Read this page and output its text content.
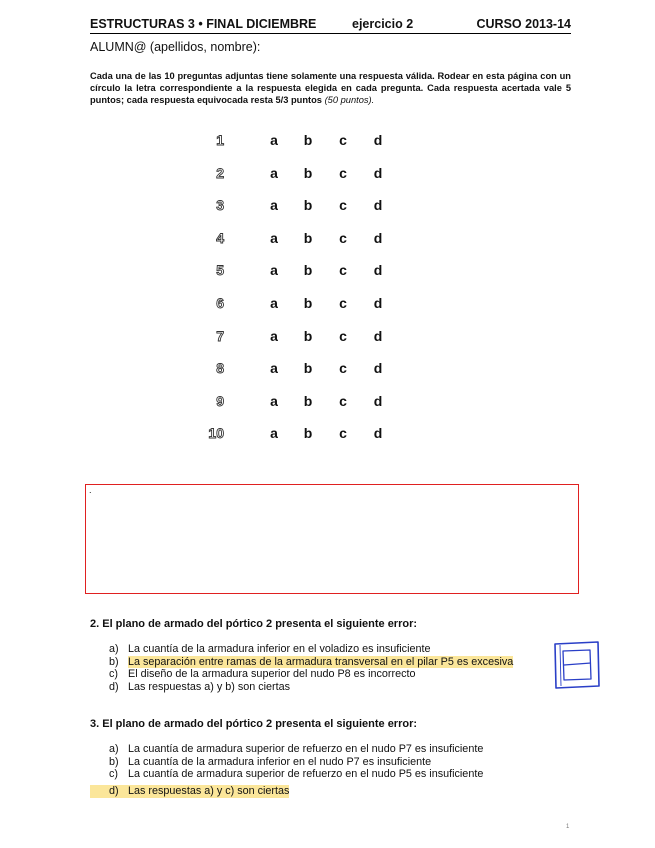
ESTRUCTURAS 3 • FINAL DICIEMBRE	ejercicio 2	CURSO 2013-14
ALUMN@ (apellidos, nombre):
Cada una de las 10 preguntas adjuntas tiene solamente una respuesta válida. Rodear en esta página con un círculo la letra correspondiente a la respuesta elegida en cada pregunta. Cada respuesta acertada vale 5 puntos; cada respuesta equivocada resta 5/3 puntos (50 puntos).
1	a b c d
2	a b c d
3	a b c d
4	a b c d
5	a b c d
6	a b c d
7	a b c d
8	a b c d
9	a b c d
10	a b c d
.
2. El plano de armado del pórtico 2 presenta el siguiente error:
a) La cuantía de la armadura inferior en el voladizo es insuficiente
b) La separación entre ramas de la armadura transversal en el pilar P5 es excesiva
c) El diseño de la armadura superior del nudo P8 es incorrecto
d) Las respuestas a) y b) son ciertas
3. El plano de armado del pórtico 2 presenta el siguiente error:
a) La cuantía de armadura superior de refuerzo en el nudo P7 es insuficiente
b) La cuantía de la armadura inferior en el nudo P7 es insuficiente
c) La cuantía de armadura superior de refuerzo en el nudo P5 es insuficiente
d) Las respuestas a) y c) son ciertas
1
